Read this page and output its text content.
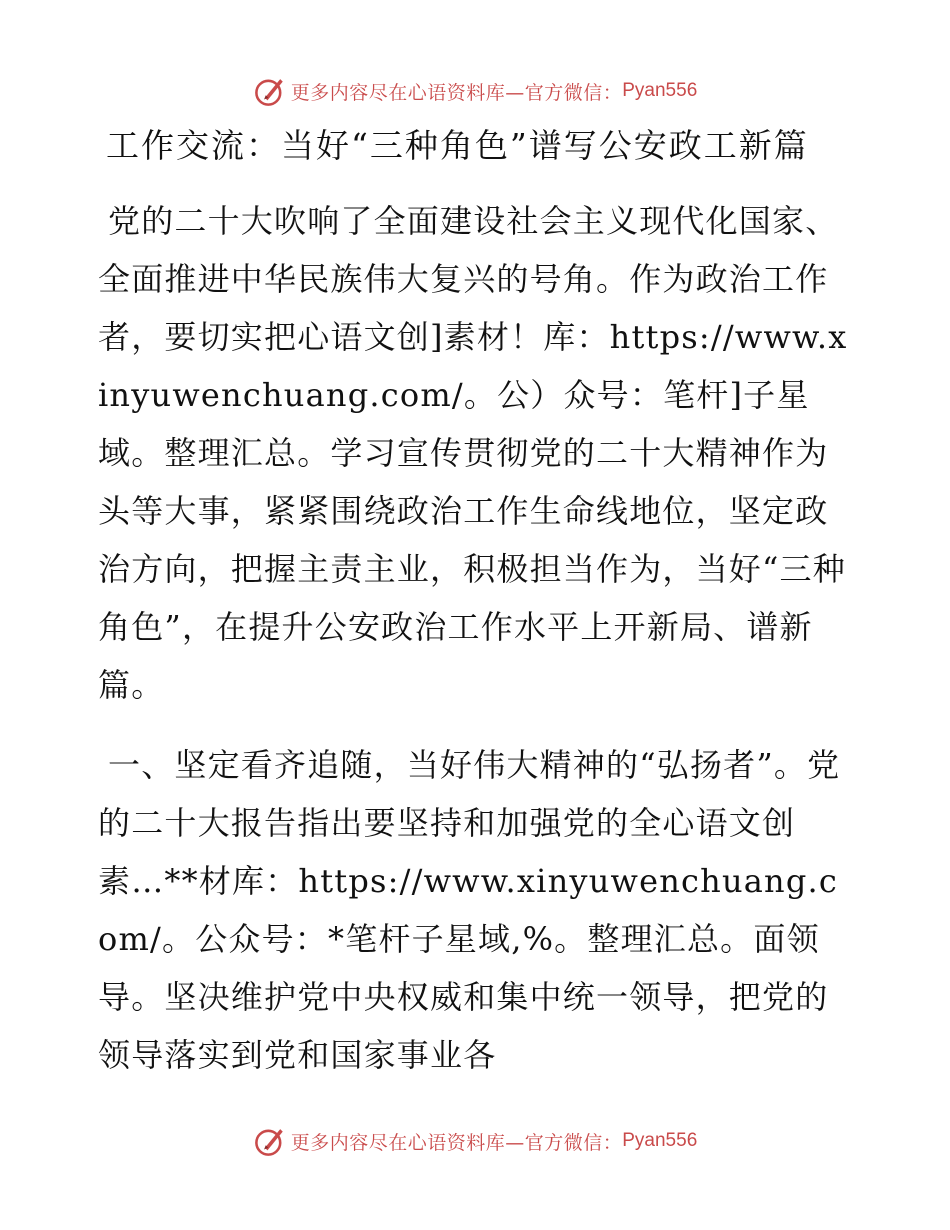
更多内容尽在心语资料库—官方微信： Pyan556
工作交流：当好“三种角色”谱写公安政工新篇

党的二十大吹响了全面建设社会主义现代化国家、全面推进中华民族伟大复兴的号角。作为政治工作者，要切实把心语文创]素材！库：https://www.xinyuwenchuang.com/。公）众号：笔杆]子星域。整理汇总。学习宣传贯彻党的二十大精神作为头等大事，紧紧围绕政治工作生命线地位，坚定政治方向，把握主责主业，积极担当作为，当好“三种角色”，在提升公安政治工作水平上开新局、谱新篇。

一、坚定看齐追随，当好伟大精神的“弘扬者”。党的二十大报告指出要坚持和加强党的全心语文创素…**材库：https://www.xinyuwenchuang.com/。公众号：*笔杆子星域,%。整理汇总。面领导。坚决维护党中央权威和集中统一领导，把党的领导落实到党和国家事业各

更多内容尽在心语资料库—官方微信： Pyan556
